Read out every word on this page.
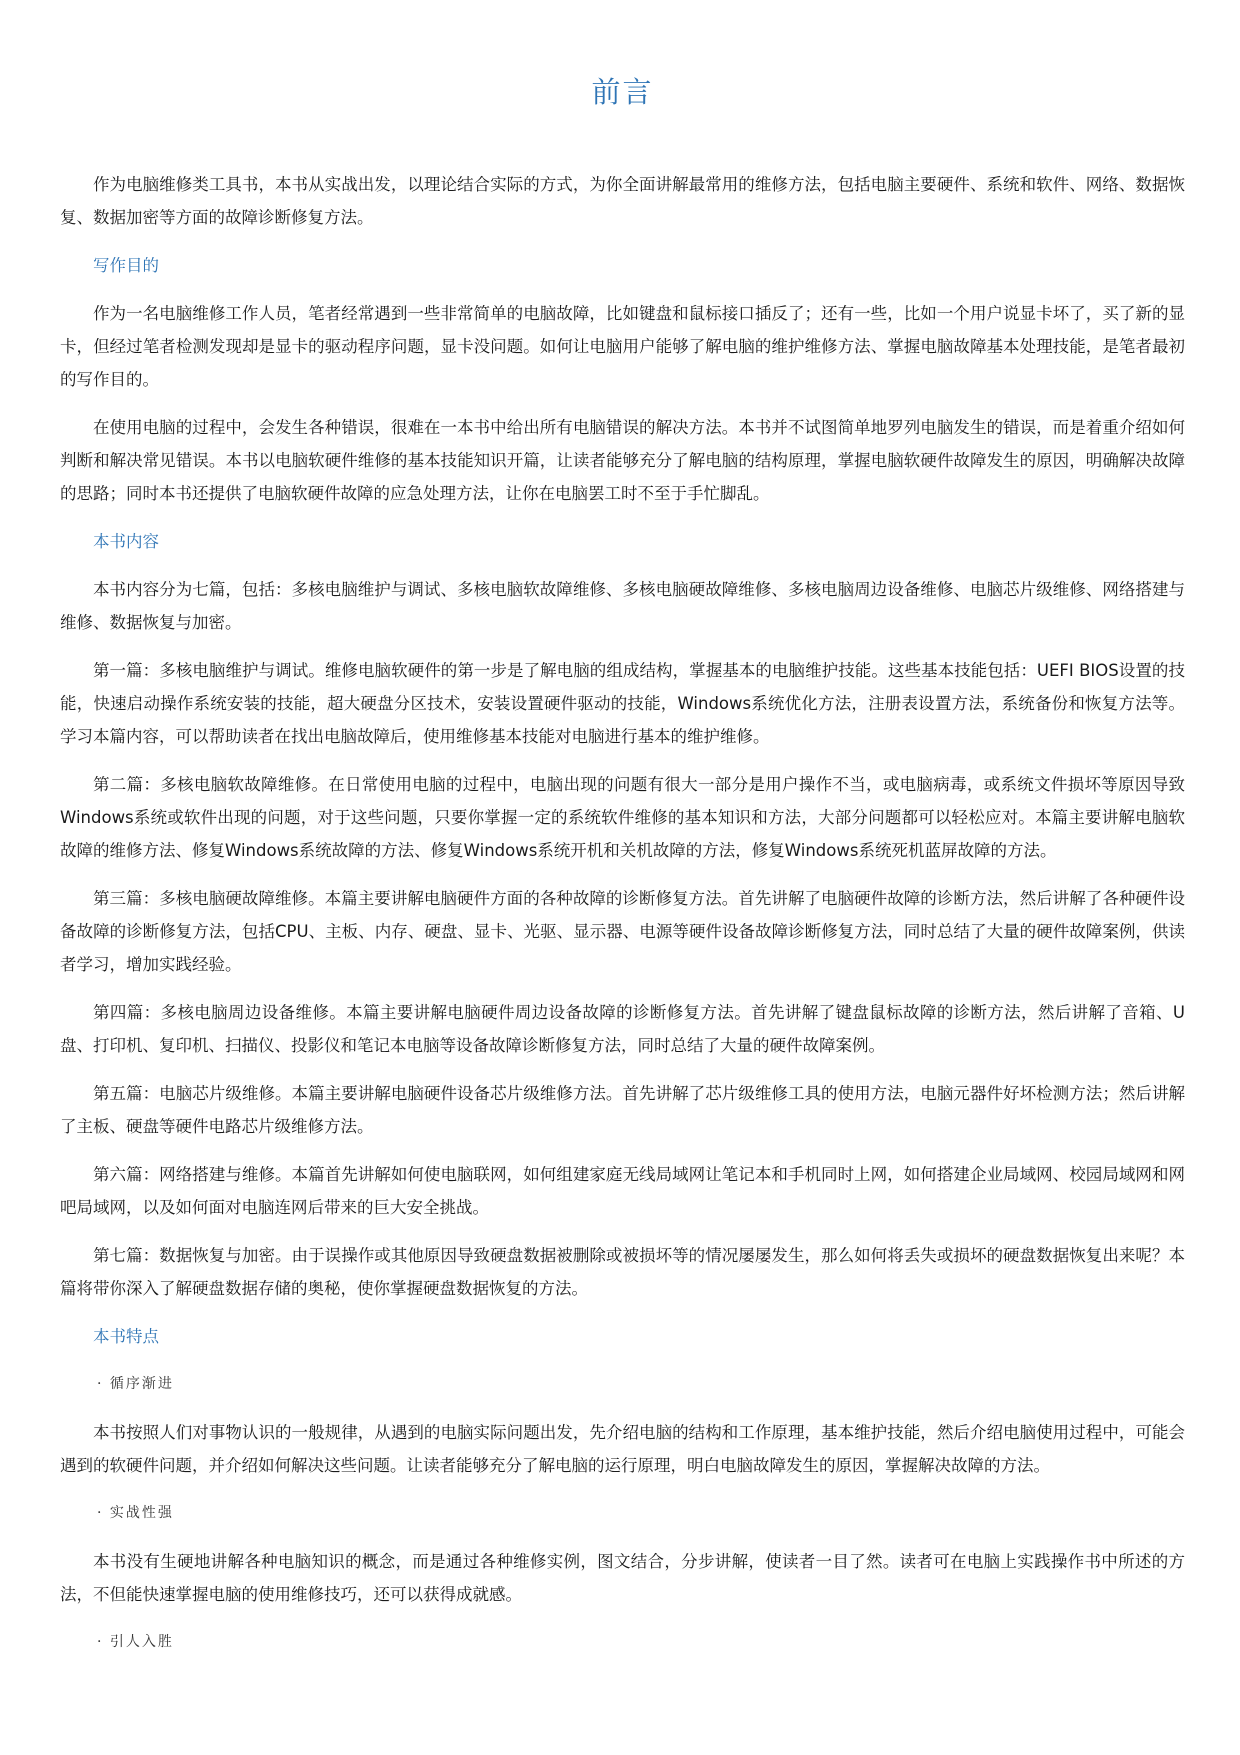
前言

作为电脑维修类工具书，本书从实战出发，以理论结合实际的方式，为你全面讲解最常用的维修方法，包括电脑主要硬件、系统和软件、网络、数据恢复、数据加密等方面的故障诊断修复方法。

写作目的

作为一名电脑维修工作人员，笔者经常遇到一些非常简单的电脑故障，比如键盘和鼠标接口插反了；还有一些，比如一个用户说显卡坏了，买了新的显卡，但经过笔者检测发现却是显卡的驱动程序问题，显卡没问题。如何让电脑用户能够了解电脑的维护维修方法、掌握电脑故障基本处理技能，是笔者最初的写作目的。

在使用电脑的过程中，会发生各种错误，很难在一本书中给出所有电脑错误的解决方法。本书并不试图简单地罗列电脑发生的错误，而是着重介绍如何判断和解决常见错误。本书以电脑软硬件维修的基本技能知识开篇，让读者能够充分了解电脑的结构原理，掌握电脑软硬件故障发生的原因，明确解决故障的思路；同时本书还提供了电脑软硬件故障的应急处理方法，让你在电脑罢工时不至于手忙脚乱。

本书内容

本书内容分为七篇，包括：多核电脑维护与调试、多核电脑软故障维修、多核电脑硬故障维修、多核电脑周边设备维修、电脑芯片级维修、网络搭建与维修、数据恢复与加密。

第一篇：多核电脑维护与调试。维修电脑软硬件的第一步是了解电脑的组成结构，掌握基本的电脑维护技能。这些基本技能包括：UEFI BIOS设置的技能，快速启动操作系统安装的技能，超大硬盘分区技术，安装设置硬件驱动的技能，Windows系统优化方法，注册表设置方法，系统备份和恢复方法等。学习本篇内容，可以帮助读者在找出电脑故障后，使用维修基本技能对电脑进行基本的维护维修。

第二篇：多核电脑软故障维修。在日常使用电脑的过程中，电脑出现的问题有很大一部分是用户操作不当，或电脑病毒，或系统文件损坏等原因导致Windows系统或软件出现的问题，对于这些问题，只要你掌握一定的系统软件维修的基本知识和方法，大部分问题都可以轻松应对。本篇主要讲解电脑软故障的维修方法、修复Windows系统故障的方法、修复Windows系统开机和关机故障的方法，修复Windows系统死机蓝屏故障的方法。

第三篇：多核电脑硬故障维修。本篇主要讲解电脑硬件方面的各种故障的诊断修复方法。首先讲解了电脑硬件故障的诊断方法，然后讲解了各种硬件设备故障的诊断修复方法，包括CPU、主板、内存、硬盘、显卡、光驱、显示器、电源等硬件设备故障诊断修复方法，同时总结了大量的硬件故障案例，供读者学习，增加实践经验。

第四篇：多核电脑周边设备维修。本篇主要讲解电脑硬件周边设备故障的诊断修复方法。首先讲解了键盘鼠标故障的诊断方法，然后讲解了音箱、U盘、打印机、复印机、扫描仪、投影仪和笔记本电脑等设备故障诊断修复方法，同时总结了大量的硬件故障案例。

第五篇：电脑芯片级维修。本篇主要讲解电脑硬件设备芯片级维修方法。首先讲解了芯片级维修工具的使用方法，电脑元器件好坏检测方法；然后讲解了主板、硬盘等硬件电路芯片级维修方法。

第六篇：网络搭建与维修。本篇首先讲解如何使电脑联网，如何组建家庭无线局域网让笔记本和手机同时上网，如何搭建企业局域网、校园局域网和网吧局域网，以及如何面对电脑连网后带来的巨大安全挑战。

第七篇：数据恢复与加密。由于误操作或其他原因导致硬盘数据被删除或被损坏等的情况屡屡发生，那么如何将丢失或损坏的硬盘数据恢复出来呢？本篇将带你深入了解硬盘数据存储的奥秘，使你掌握硬盘数据恢复的方法。

本书特点
· 循序渐进

本书按照人们对事物认识的一般规律，从遇到的电脑实际问题出发，先介绍电脑的结构和工作原理，基本维护技能，然后介绍电脑使用过程中，可能会遇到的软硬件问题，并介绍如何解决这些问题。让读者能够充分了解电脑的运行原理，明白电脑故障发生的原因，掌握解决故障的方法。

· 实战性强

本书没有生硬地讲解各种电脑知识的概念，而是通过各种维修实例，图文结合，分步讲解，使读者一目了然。读者可在电脑上实践操作书中所述的方法，不但能快速掌握电脑的使用维修技巧，还可以获得成就感。

· 引人入胜
